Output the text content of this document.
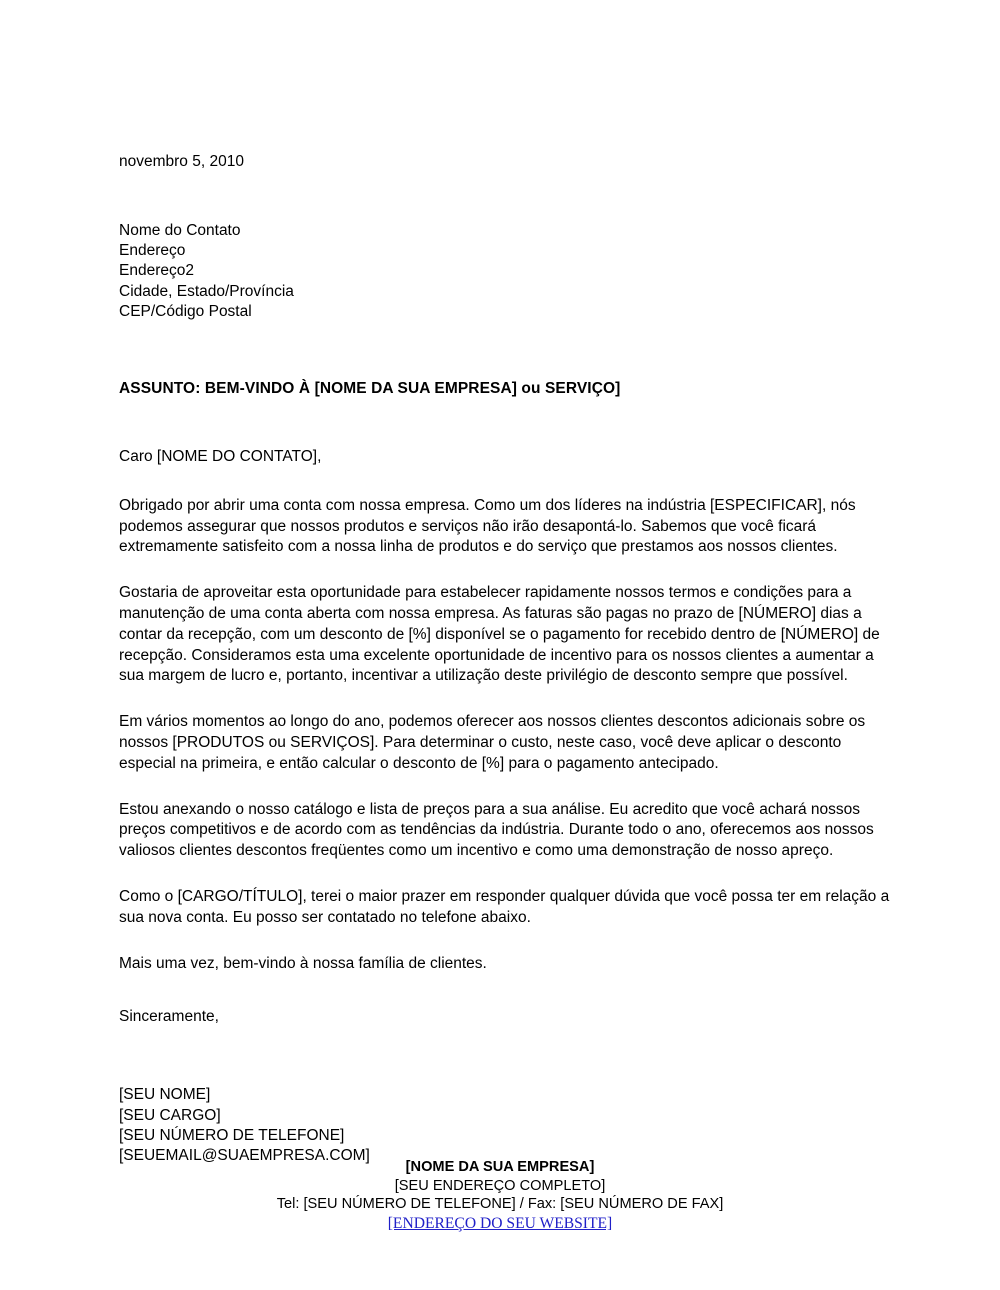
novembro 5, 2010
Nome do Contato
Endereço
Endereço2
Cidade, Estado/Província
CEP/Código Postal
ASSUNTO: BEM-VINDO À [NOME DA SUA EMPRESA] ou SERVIÇO]
Caro [NOME DO CONTATO],

Obrigado por abrir uma conta com nossa empresa. Como um dos líderes na indústria [ESPECIFICAR], nós podemos assegurar que nossos produtos e serviços não irão desapontá-lo. Sabemos que você ficará extremamente satisfeito com a nossa linha de produtos e do serviço que prestamos aos nossos clientes.

Gostaria de aproveitar esta oportunidade para estabelecer rapidamente nossos termos e condições para a manutenção de uma conta aberta com nossa empresa. As faturas são pagas no prazo de [NÚMERO] dias a contar da recepção, com um desconto de [%] disponível se o pagamento for recebido dentro de [NÚMERO] de recepção. Consideramos esta uma excelente oportunidade de incentivo para os nossos clientes a aumentar a sua margem de lucro e, portanto, incentivar a utilização deste privilégio de desconto sempre que possível.

Em vários momentos ao longo do ano, podemos oferecer aos nossos clientes descontos adicionais sobre os nossos [PRODUTOS ou SERVIÇOS]. Para determinar o custo, neste caso, você deve aplicar o desconto especial na primeira, e então calcular o desconto de [%] para o pagamento antecipado.

Estou anexando o nosso catálogo e lista de preços para a sua análise. Eu acredito que você achará nossos preços competitivos e de acordo com as tendências da indústria. Durante todo o ano, oferecemos aos nossos valiosos clientes descontos freqüentes como um incentivo e como uma demonstração de nosso apreço.

Como o [CARGO/TÍTULO], terei o maior prazer em responder qualquer dúvida que você possa ter em relação a sua nova conta. Eu posso ser contatado no telefone abaixo.

Mais uma vez, bem-vindo à nossa família de clientes.

Sinceramente,
[SEU NOME]
[SEU CARGO]
[SEU NÚMERO DE TELEFONE]
[SEUEMAIL@SUAEMPRESA.COM]
[NOME DA SUA EMPRESA]
[SEU ENDEREÇO COMPLETO]
Tel: [SEU NÚMERO DE TELEFONE] / Fax: [SEU NÚMERO DE FAX]
[ENDEREÇO DO SEU WEBSITE]
